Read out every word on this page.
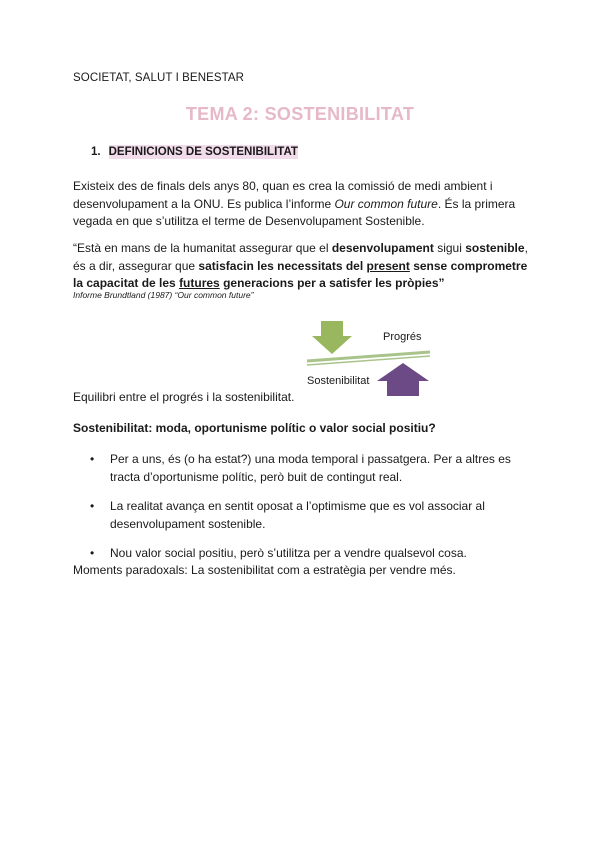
SOCIETAT, SALUT I BENESTAR
TEMA 2: SOSTENIBILITAT
1. DEFINICIONS DE SOSTENIBILITAT
Existeix des de finals dels anys 80, quan es crea la comissió de medi ambient i desenvolupament a la ONU. Es publica l’informe Our common future. És la primera vegada en que s’utilitza el terme de Desenvolupament Sostenible.
“Està en mans de la humanitat assegurar que el desenvolupament sigui sostenible, és a dir, assegurar que satisfacin les necessitats del present sense comprometre la capacitat de les futures generacions per a satisfer les pròpies”
Informe Brundtland (1987) “Our common future”
Progrés
Sostenibilitat
Equilibri entre el progrés i la sostenibilitat.
Sostenibilitat: moda, oportunisme polític o valor social positiu?
• Per a uns, és (o ha estat?) una moda temporal i passatgera. Per a altres es tracta d’oportunisme polític, però buit de contingut real.
• La realitat avança en sentit oposat a l’optimisme que es vol associar al desenvolupament sostenible.
• Nou valor social positiu, però s’utilitza per a vendre qualsevol cosa.
Moments paradoxals: La sostenibilitat com a estratègia per vendre més.
